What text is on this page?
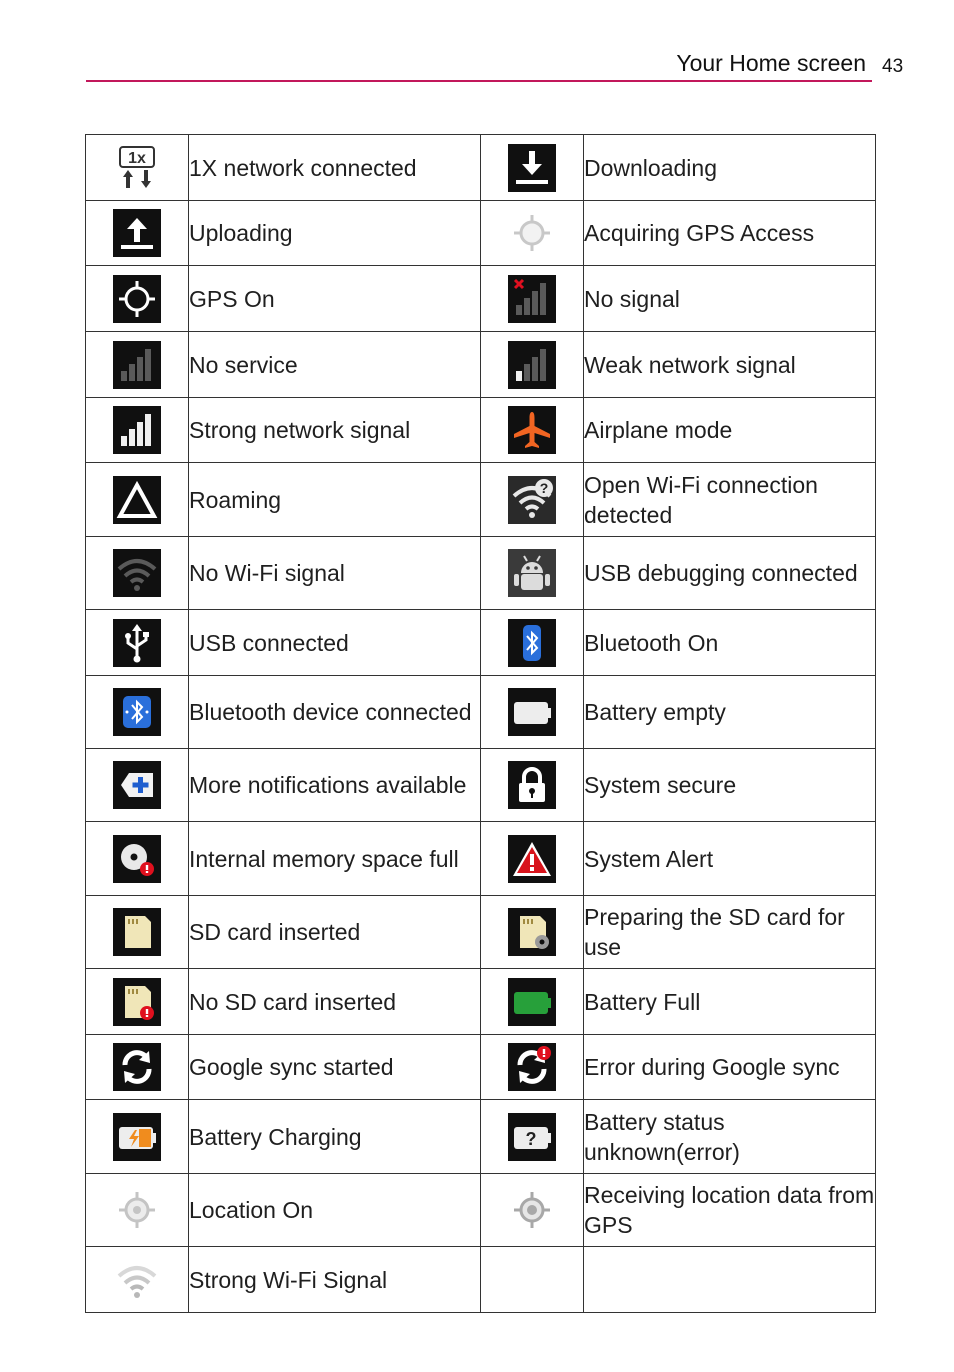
Your Home screen 43
1x	1X network connected		Downloading

	Uploading		Acquiring GPS Access

	GPS On		No signal

	No service		Weak network signal

	Strong network signal		Airplane mode

	Roaming	?	Open Wi-Fi connection detected

	No Wi-Fi signal		USB debugging connected

	USB connected		Bluetooth On

	Bluetooth device connected		Battery empty

	More notifications available		System secure

	Internal memory space full		System Alert

	SD card inserted		Preparing the SD card for use

	No SD card inserted		Battery Full

	Google sync started		Error during Google sync

	Battery Charging	?	Battery status unknown(error)

	Location On		Receiving location data from GPS

	Strong Wi-Fi Signal		
